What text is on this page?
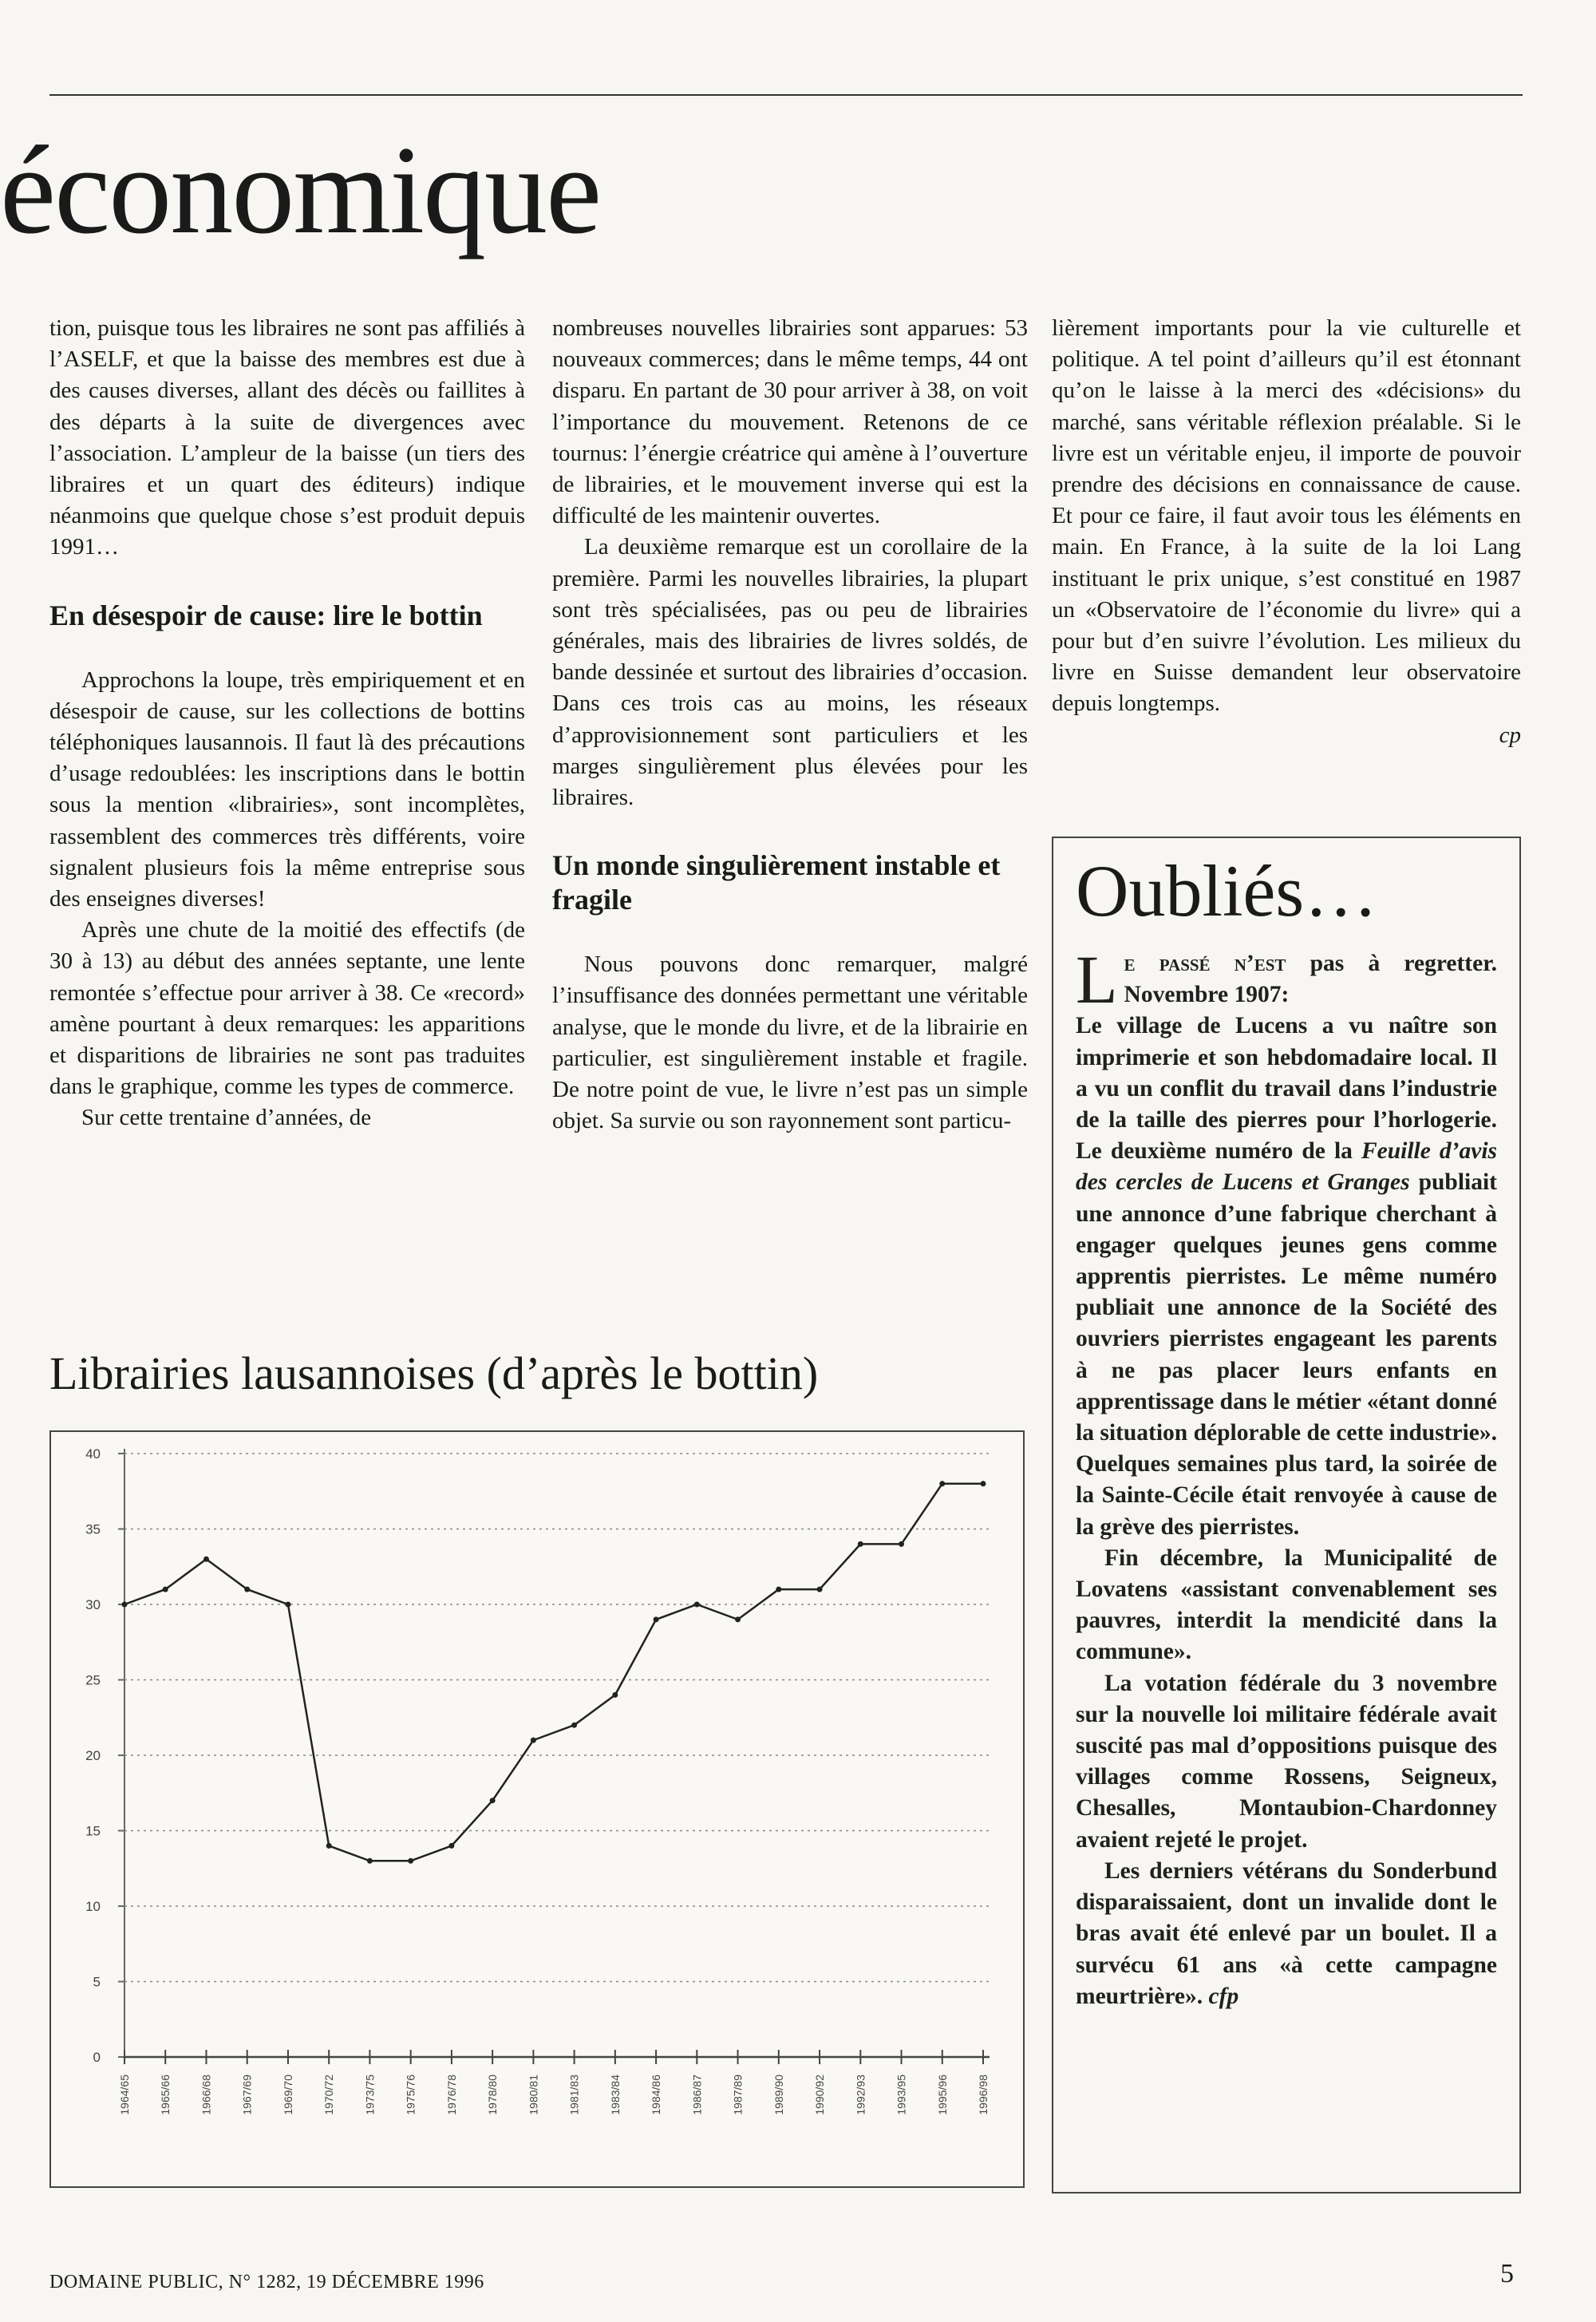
économique

tion, puisque tous les libraires ne sont pas affiliés à l’ASELF, et que la baisse des membres est due à des causes diverses, allant des décès ou faillites à des départs à la suite de divergences avec l’association. L’ampleur de la baisse (un tiers des libraires et un quart des éditeurs) indique néanmoins que quelque chose s’est produit depuis 1991…

En désespoir de cause: lire le bottin

Approchons la loupe, très empiriquement et en désespoir de cause, sur les collections de bottins téléphoniques lausannois. Il faut là des précautions d’usage redoublées: les inscriptions dans le bottin sous la mention «librairies», sont incomplètes, rassemblent des commerces très différents, voire signalent plusieurs fois la même entreprise sous des enseignes diverses!

Après une chute de la moitié des effectifs (de 30 à 13) au début des années septante, une lente remontée s’effectue pour arriver à 38. Ce «record» amène pourtant à deux remarques: les apparitions et disparitions de librairies ne sont pas traduites dans le graphique, comme les types de commerce.

Sur cette trentaine d’années, de

nombreuses nouvelles librairies sont apparues: 53 nouveaux commerces; dans le même temps, 44 ont disparu. En partant de 30 pour arriver à 38, on voit l’importance du mouvement. Retenons de ce tournus: l’énergie créatrice qui amène à l’ouverture de librairies, et le mouvement inverse qui est la difficulté de les maintenir ouvertes.

La deuxième remarque est un corollaire de la première. Parmi les nouvelles librairies, la plupart sont très spécialisées, pas ou peu de librairies générales, mais des librairies de livres soldés, de bande dessinée et surtout des librairies d’occasion. Dans ces trois cas au moins, les réseaux d’approvisionnement sont particuliers et les marges singulièrement plus élevées pour les libraires.

Un monde singulièrement instable et fragile

Nous pouvons donc remarquer, malgré l’insuffisance des données permettant une véritable analyse, que le monde du livre, et de la librairie en particulier, est singulièrement instable et fragile. De notre point de vue, le livre n’est pas un simple objet. Sa survie ou son rayonnement sont particu-

lièrement importants pour la vie culturelle et politique. A tel point d’ailleurs qu’il est étonnant qu’on le laisse à la merci des «décisions» du marché, sans véritable réflexion préalable. Si le livre est un véritable enjeu, il importe de pouvoir prendre des décisions en connaissance de cause. Et pour ce faire, il faut avoir tous les éléments en main. En France, à la suite de la loi Lang instituant le prix unique, s’est constitué en 1987 un «Observatoire de l’économie du livre» qui a pour but d’en suivre l’évolution. Les milieux du livre en Suisse demandent leur observatoire depuis longtemps.

cp

Librairies lausannoises (d’après le bottin)
0
5
10
15
20
25
30
35
40
1964/65	1965/66	1966/68	1967/69	1969/70	1970/72	1973/75	1975/76	1976/78	1978/80	1980/81	1981/83	1983/84	1984/86	1986/87	1987/89	1989/90	1990/92	1992/93	1993/95	1995/96	1996/98
Oubliés…

Le passé n’est pas à regretter. Novembre 1907:

Le village de Lucens a vu naître son imprimerie et son hebdomadaire local. Il a vu un conflit du travail dans l’industrie de la taille des pierres pour l’horlogerie. Le deuxième numéro de la Feuille d’avis des cercles de Lucens et Granges publiait une annonce d’une fabrique cherchant à engager quelques jeunes gens comme apprentis pierristes. Le même numéro publiait une annonce de la Société des ouvriers pierristes engageant les parents à ne pas placer leurs enfants en apprentissage dans le métier «étant donné la situation déplorable de cette industrie». Quelques semaines plus tard, la soirée de la Sainte-Cécile était renvoyée à cause de la grève des pierristes.

Fin décembre, la Municipalité de Lovatens «assistant convenablement ses pauvres, interdit la mendicité dans la commune».

La votation fédérale du 3 novembre sur la nouvelle loi militaire fédérale avait suscité pas mal d’oppositions puisque des villages comme Rossens, Seigneux, Chesalles, Montaubion-Chardonney avaient rejeté le projet.

Les derniers vétérans du Sonderbund disparaissaient, dont un invalide dont le bras avait été enlevé par un boulet. Il a survécu 61 ans «à cette campagne meurtrière». cfp

DOMAINE PUBLIC, N° 1282, 19 DÉCEMBRE 1996	5
